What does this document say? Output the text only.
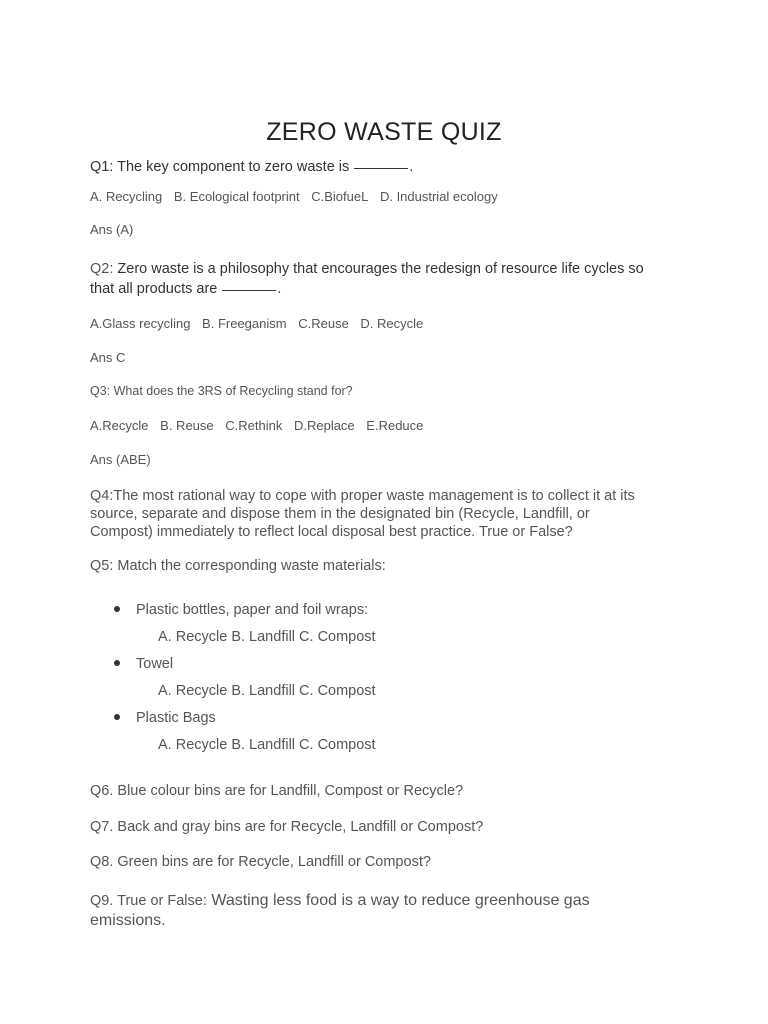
ZERO WASTE QUIZ
Q1: The key component to zero waste is	.
A. Recycling B. Ecological footprint C.BiofueL D. Industrial ecology
Ans (A)
Q2: Zero waste is a philosophy that encourages the redesign of resource life cycles so
that all products are	.
A.Glass recycling B. Freeganism C.Reuse D. Recycle
Ans C
Q3: What does the 3RS of Recycling stand for?
A.Recycle B. Reuse C.Rethink D.Replace E.Reduce
Ans (ABE)
Q4:The most rational way to cope with proper waste management is to collect it at its
source, separate and dispose them in the designated bin (Recycle, Landfill, or
Compost) immediately to reflect local disposal best practice. True or False?
Q5: Match the corresponding waste materials:
Plastic bottles, paper and foil wraps:
A. Recycle B. Landfill C. Compost
Towel
A. Recycle B. Landfill C. Compost
Plastic Bags
A. Recycle B. Landfill C. Compost
Q6. Blue colour bins are for Landfill, Compost or Recycle?
Q7. Back and gray bins are for Recycle, Landfill or Compost?
Q8. Green bins are for Recycle, Landfill or Compost?
Q9. True or False: Wasting less food is a way to reduce greenhouse gas
emissions.
